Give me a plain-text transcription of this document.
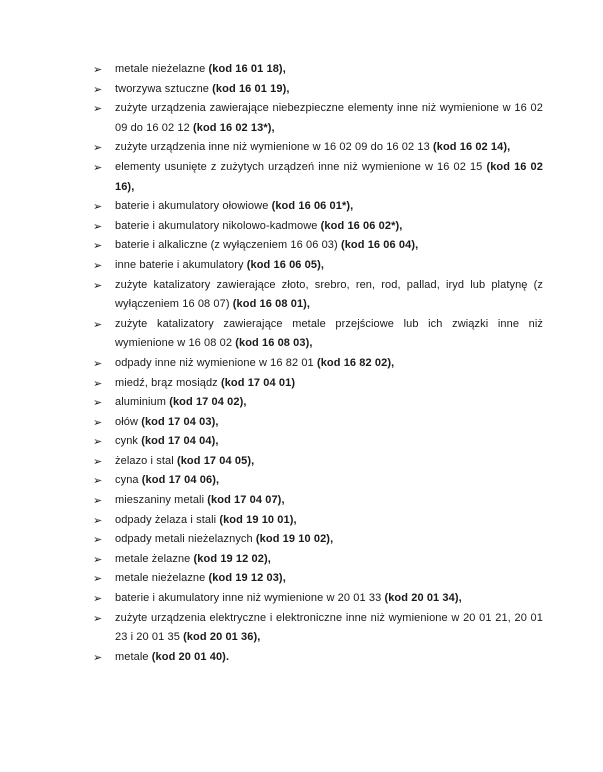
➢ metale nieżelazne (kod 16 01 18),
➢ tworzywa sztuczne (kod 16 01 19),
➢ zużyte urządzenia zawierające niebezpieczne elementy inne niż wymienione w 16 02 09 do 16 02 12 (kod 16 02 13*),
➢ zużyte urządzenia inne niż wymienione w 16 02 09 do 16 02 13 (kod 16 02 14),
➢ elementy usunięte z zużytych urządzeń inne niż wymienione w 16 02 15 (kod 16 02 16),
➢ baterie i akumulatory ołowiowe (kod 16 06 01*),
➢ baterie i akumulatory nikolowo-kadmowe (kod 16 06 02*),
➢ baterie i alkaliczne (z wyłączeniem 16 06 03) (kod 16 06 04),
➢ inne baterie i akumulatory (kod 16 06 05),
➢ zużyte katalizatory zawierające złoto, srebro, ren, rod, pallad, iryd lub platynę (z wyłączeniem 16 08 07) (kod 16 08 01),
➢ zużyte katalizatory zawierające metale przejściowe lub ich związki inne niż wymienione w 16 08 02 (kod 16 08 03),
➢ odpady inne niż wymienione w 16 82 01 (kod 16 82 02),
➢ miedź, brąz mosiądz (kod 17 04 01)
➢ aluminium (kod 17 04 02),
➢ ołów (kod 17 04 03),
➢ cynk (kod 17 04 04),
➢ żelazo i stal (kod 17 04 05),
➢ cyna (kod 17 04 06),
➢ mieszaniny metali (kod 17 04 07),
➢ odpady żelaza i stali (kod 19 10 01),
➢ odpady metali nieżelaznych (kod 19 10 02),
➢ metale żelazne (kod 19 12 02),
➢ metale nieżelazne (kod 19 12 03),
➢ baterie i akumulatory inne niż wymienione w 20 01 33 (kod 20 01 34),
➢ zużyte urządzenia elektryczne i elektroniczne inne niż wymienione w 20 01 21, 20 01 23 i 20 01 35 (kod 20 01 36),
➢ metale (kod 20 01 40).
